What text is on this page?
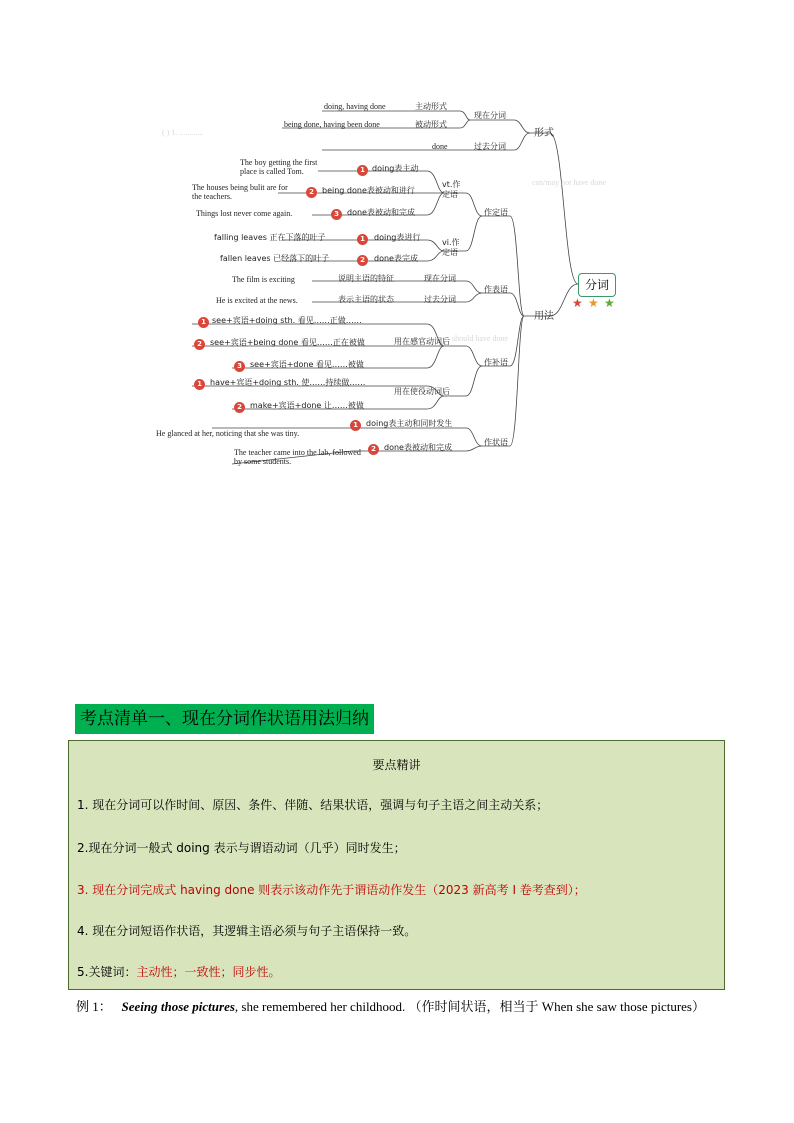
( ) 1. ............
can/may not have done
should have done
分词
★ ★ ★
形式
用法
现在分词
过去分词
主动形式
被动形式
doing, having done
being done, having been done
done
作定语
作表语
作补语
作状语
vt.作定语
vi.作定语
1 doing表主动
The boy getting the first place is called Tom.
2	being done表被动和进行
The houses being bulit are for the teachers.
3	done表被动和完成
Things lost never come again.
1	doing表进行
falling leaves 正在下落的叶子
2	done表完成
fallen leaves 已经落下的叶子
The film is exciting	说明主语的特征	现在分词
He is excited at the news.	表示主语的状态	过去分词
用在感官动词后
用在使役动词后
1 see+宾语+doing sth. 看见……正做……
2	see+宾语+being done 看见……正在被做
3	see+宾语+done 看见……被做
1	have+宾语+doing sth. 使……持续做……
2	make+宾语+done 让……被做
1	doing表主动和同时发生
He glanced at her, noticing that she was tiny.
2	done表被动和完成
The teacher came into the lab, followed by some students.
考点清单一、现在分词作状语用法归纳
要点精讲
1. 现在分词可以作时间、原因、条件、伴随、结果状语，强调与句子主语之间主动关系；
2.现在分词一般式 doing 表示与谓语动词（几乎）同时发生；
3. 现在分词完成式 having done 则表示该动作先于谓语动作发生（2023 新高考 I 卷考查到）；
4. 现在分词短语作状语，其逻辑主语必须与句子主语保持一致。
5.关键词：主动性；一致性；同步性。
例 1： Seeing those pictures, she remembered her childhood. （作时间状语，相当于 When she saw those pictures）
